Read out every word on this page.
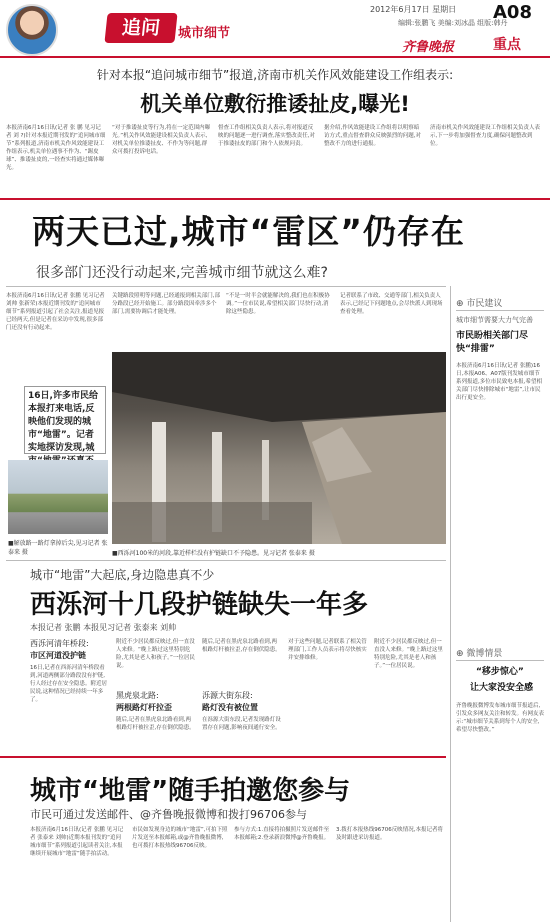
追问	城市细节
2012年6月17日 星期日 A08
编辑:张鹏飞 美编:刘冰晶 组版:韩丹
齐鲁晚报	重点
针对本报“追问城市细节”报道,济南市机关作风效能建设工作组表示:
机关单位敷衍推诿扯皮,曝光!
本报济南6月16日讯(记者 张 鹏 见习记者 刘 ?)针对本报近期刊发的“追问城市细节”系列报道,济南市机关作风效能建设工作组表示,机关单位遇事不作为、“踢皮球”、推诿扯皮的,一经查实将通过媒体曝光。
“对于推诿扯皮等行为,将在一定范围内曝光。”机关作风效能建设相关负责人表示,对机关单位推诿扯皮、不作为等问题,群众可拨打投诉电话。
督查工作组相关负责人表示,将对报道反映的问题逐一进行调查,落实整改责任,对于推诿扯皮的部门和个人依规问责。
据介绍,作风效能建设工作组将以明察暗访方式,重点督查群众反映强烈的问题,对整改不力的进行通报。
济南市机关作风效能建设工作组相关负责人表示,下一步将加强督查力度,确保问题整改到位。
两天已过,城市“雷区”仍存在
很多部门还没行动起来,完善城市细节就这么难?
本报济南6月16日讯(记者 张鹏 见习记者 刘帅 张新荣)本报近期刊发的“追问城市细节”系列报道引起了社会关注,报道见报已经两天,但是记者在采访中发现,很多部门还没有行动起来。
16日,许多市民给本报打来电话,反映他们发现的城市“地雷”。记者实地探访发现,城
■解放路一路灯拿掉后尖,见习记者 张泰来 摄
关键路段照明等问题,已经通报到相关部门,部分路段已经开始施工。部分路段因牵涉多个部门,需要协调后才能处理。
“不是一时半会就能解决的,我们也在积极协调。”一位市民说,希望相关部门尽快行动,消除这些隐患。
记者联系了市政、交通等部门,相关负责人表示,已经记下问题地点,会尽快派人到现场查看处理。
■西泺河100米的河段,靠近样栏没有护链缺口不予隐患。见习记者 张泰来 摄
城市“地雷”大起底,身边隐患真不少
西泺河十几段护链缺失一年多
本报记者 张鹏 本报见习记者 张泰来 刘帅
西泺河清年桥段:
市区河道没护链
16日,记者在西泺河清年桥段看到,河道两侧部分路段没有护链,行人经过存在安全隐患。附近居民说,这种情况已经持续一年多了。
附近不少居民都反映过,但一直没人来修。“晚上路过这里特别危险,尤其是老人和孩子。”一位居民说。
黑虎泉北路:
两根路灯杆拉歪
随后,记者在黑虎泉北路看到,两根路灯杆被拉歪,存在倒伏隐患。
随后,记者在黑虎泉北路看到,两根路灯杆被拉歪,存在倒伏隐患。
泺源大街东段:
路灯没有被位置
在泺源大街东段,记者发现路灯设置存在问题,影响夜间通行安全。
对于这些问题,记者联系了相关管理部门,工作人员表示将尽快核实并安排维修。
附近不少居民都反映过,但一直没人来修。“晚上路过这里特别危险,尤其是老人和孩子。”一位居民说。
城市“地雷”随手拍邀您参与
市民可通过发送邮件、@齐鲁晚报微博和拨打96706参与
本报济南6月16日讯(记者 张鹏 见习记者 张泰来 刘帅)近期本报刊发的“追问城市细节”系列报道引起读者关注,本报继续开展城市“地雷”随手拍活动。
市民如发现身边的城市“地雷”,可拍下照片发送至本报邮箱,或@齐鲁晚报微博,也可拨打本报热线96706反映。
参与方式:1.直接将拍摄照片发送邮件至本报邮箱;2.登录新浪微博@齐鲁晚报。
3.拨打本报热线96706反映情况,本报记者将及时跟进采访报道。
⊕ 市民建议
城市细节需要大力气完善
市民盼相关部门尽快“排雷”
本报济南6月16日讯(记者 张鹏)16日,本报A06、A07版刊发城市细节系列报道,多位市民致电本报,希望相关部门尽快排除城市“地雷”,让市民出行更安全。
⊕ 微博情景
“移步惊心”
让大家没安全感
齐鲁晚报微博发布城市细节报道后,引发众多网友关注和转发。有网友表示:“城市细节关系到每个人的安全,希望尽快整改。”
